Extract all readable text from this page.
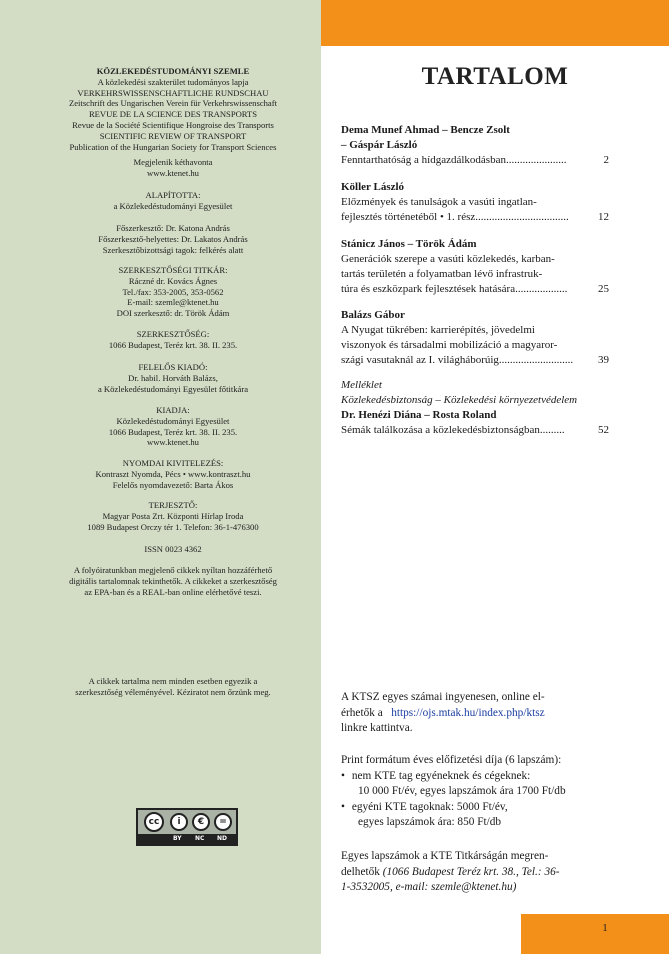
KÖZLEKEDÉSTUDOMÁNYI SZEMLE
A közlekedési szakterület tudományos lapja
VERKEHRSWISSENSCHAFTLICHE RUNDSCHAU
Zeitschrift des Ungarischen Verein für Verkehrswissenschaft
REVUE DE LA SCIENCE DES TRANSPORTS
Revue de la Société Scientifique Hongroise des Transports
SCIENTIFIC REVIEW OF TRANSPORT
Publication of the Hungarian Society for Transport Sciences
Megjelenik kéthavonta
www.ktenet.hu
ALAPÍTOTTA:
a Közlekedéstudományi Egyesület
Főszerkesztő: Dr. Katona András
Főszerkesztő-helyettes: Dr. Lakatos András
Szerkesztőbizottsági tagok: felkérés alatt
SZERKESZTŐSÉGI TITKÁR:
Ráczné dr. Kovács Ágnes
Tel./fax: 353-2005, 353-0562
E-mail: szemle@ktenet.hu
DOI szerkesztő: dr. Török Ádám
SZERKESZTŐSÉG:
1066 Budapest, Teréz krt. 38. II. 235.
FELELŐS KIADÓ:
Dr. habil. Horváth Balázs,
a Közlekedéstudományi Egyesület főtitkára
KIADJA:
Közlekedéstudományi Egyesület
1066 Budapest, Teréz krt. 38. II. 235.
www.ktenet.hu
NYOMDAI KIVITELEZÉS:
Kontraszt Nyomda, Pécs • www.kontraszt.hu
Felelős nyomdavezető: Barta Ákos
TERJESZTŐ:
Magyar Posta Zrt. Központi Hírlap Iroda
1089 Budapest Orczy tér 1. Telefon: 36-1-476300
ISSN 0023 4362
A folyóiratunkban megjelenő cikkek nyíltan hozzáférhető
digitális tartalomnak tekinthetők. A cikkeket a szerkesztőség
az EPA-ban és a REAL-ban online elérhetővé teszi.
A cikkek tartalma nem minden esetben egyezik a
szerkesztőség véleményével. Kéziratot nem őrzünk meg.
cc	i	€	=
BY NC ND
TARTALOM
Dema Munef Ahmad – Bencze Zsolt
– Gáspár László
Fenntarthatóság a hídgazdálkodásban......................	2
Köller László
Előzmények és tanulságok a vasúti ingatlan-
fejlesztés történetéből • 1. rész..................................	12
Stánicz János – Török Ádám
Generációk szerepe a vasúti közlekedés, karban-
tartás területén a folyamatban lévő infrastruk-
túra és eszközpark fejlesztések hatására...................	25
Balázs Gábor
A Nyugat tükrében: karrierépítés, jövedelmi
viszonyok és társadalmi mobilizáció a magyaror-
szági vasutaknál az I. világháborúig........................... 39
Melléklet
Közlekedésbiztonság – Közlekedési környezetvédelem
Dr. Henézi Diána – Rosta Roland
Sémák találkozása a közlekedésbiztonságban.........	52
A KTSZ egyes számai ingyenesen, online el-
érhetők a https://ojs.mtak.hu/index.php/ktsz
linkre kattintva.
Print formátum éves előfizetési díja (6 lapszám):
• nem KTE tag egyéneknek és cégeknek:
10 000 Ft/év, egyes lapszámok ára 1700 Ft/db
• egyéni KTE tagoknak: 5000 Ft/év,
egyes lapszámok ára: 850 Ft/db
Egyes lapszámok a KTE Titkárságán megren-
delhetők (1066 Budapest Teréz krt. 38., Tel.: 36-
1-3532005, e-mail: szemle@ktenet.hu)
1
